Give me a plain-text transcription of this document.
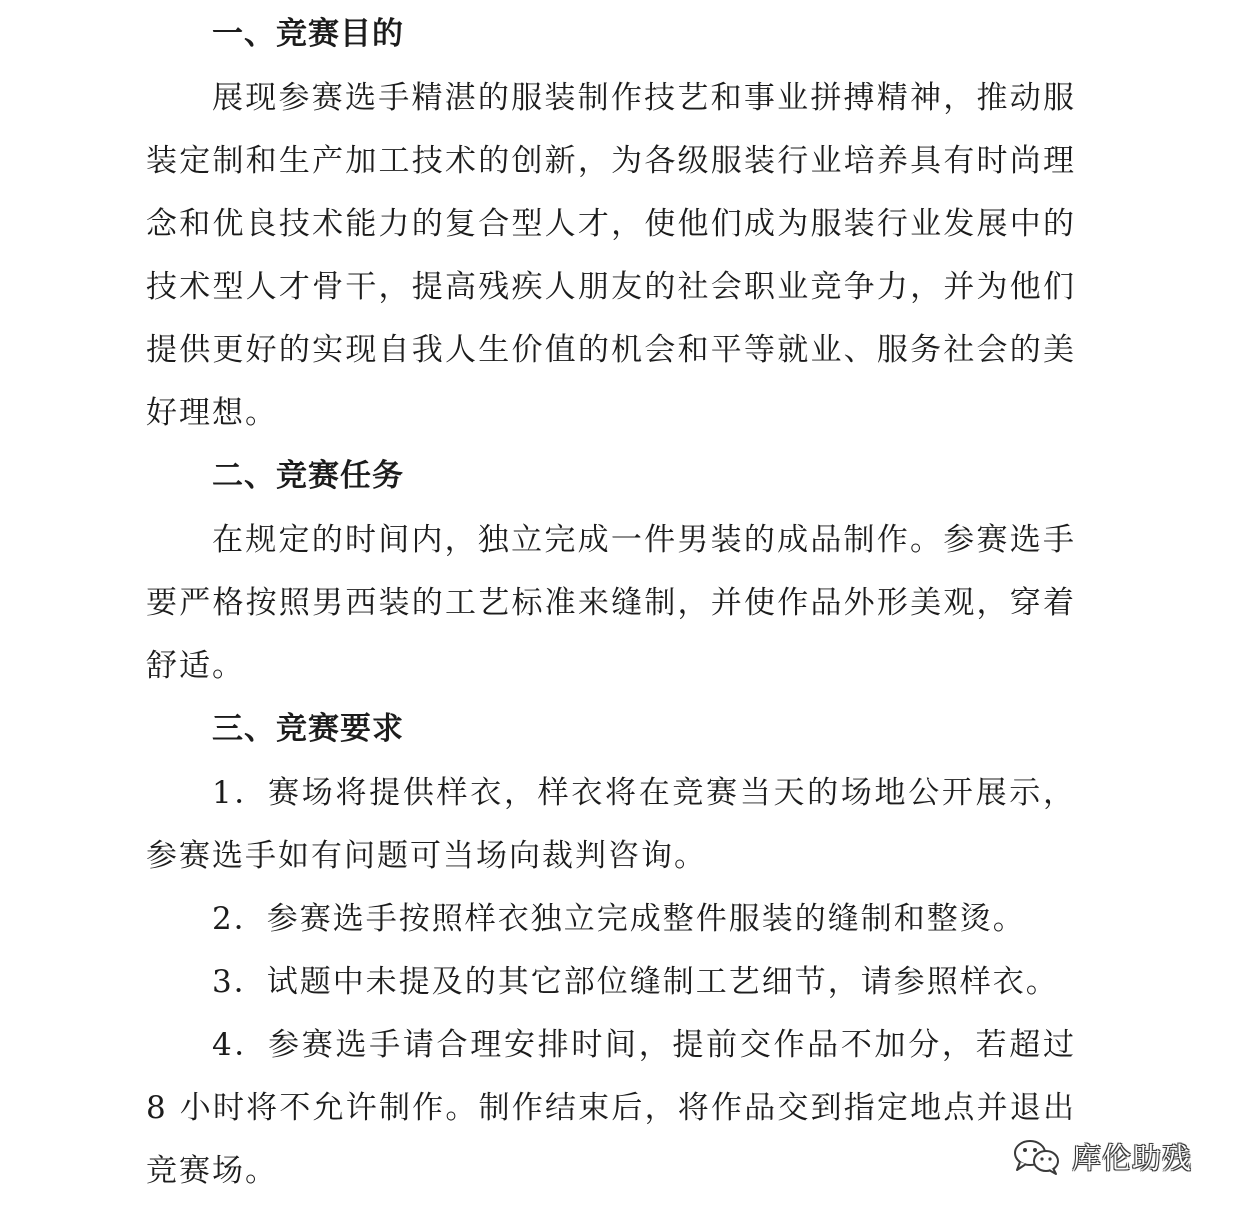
一、竞赛目的
展现参赛选手精湛的服装制作技艺和事业拼搏精神，推动服
装定制和生产加工技术的创新，为各级服装行业培养具有时尚理
念和优良技术能力的复合型人才，使他们成为服装行业发展中的
技术型人才骨干，提高残疾人朋友的社会职业竞争力，并为他们
提供更好的实现自我人生价值的机会和平等就业、服务社会的美
好理想。
二、竞赛任务
在规定的时间内，独立完成一件男装的成品制作。参赛选手
要严格按照男西装的工艺标准来缝制，并使作品外形美观，穿着
舒适。
三、竞赛要求
1．赛场将提供样衣，样衣将在竞赛当天的场地公开展示，
参赛选手如有问题可当场向裁判咨询。
2．参赛选手按照样衣独立完成整件服装的缝制和整烫。
3．试题中未提及的其它部位缝制工艺细节，请参照样衣。
4．参赛选手请合理安排时间，提前交作品不加分，若超过
8 小时将不允许制作。制作结束后，将作品交到指定地点并退出
竞赛场。	库伦助残
